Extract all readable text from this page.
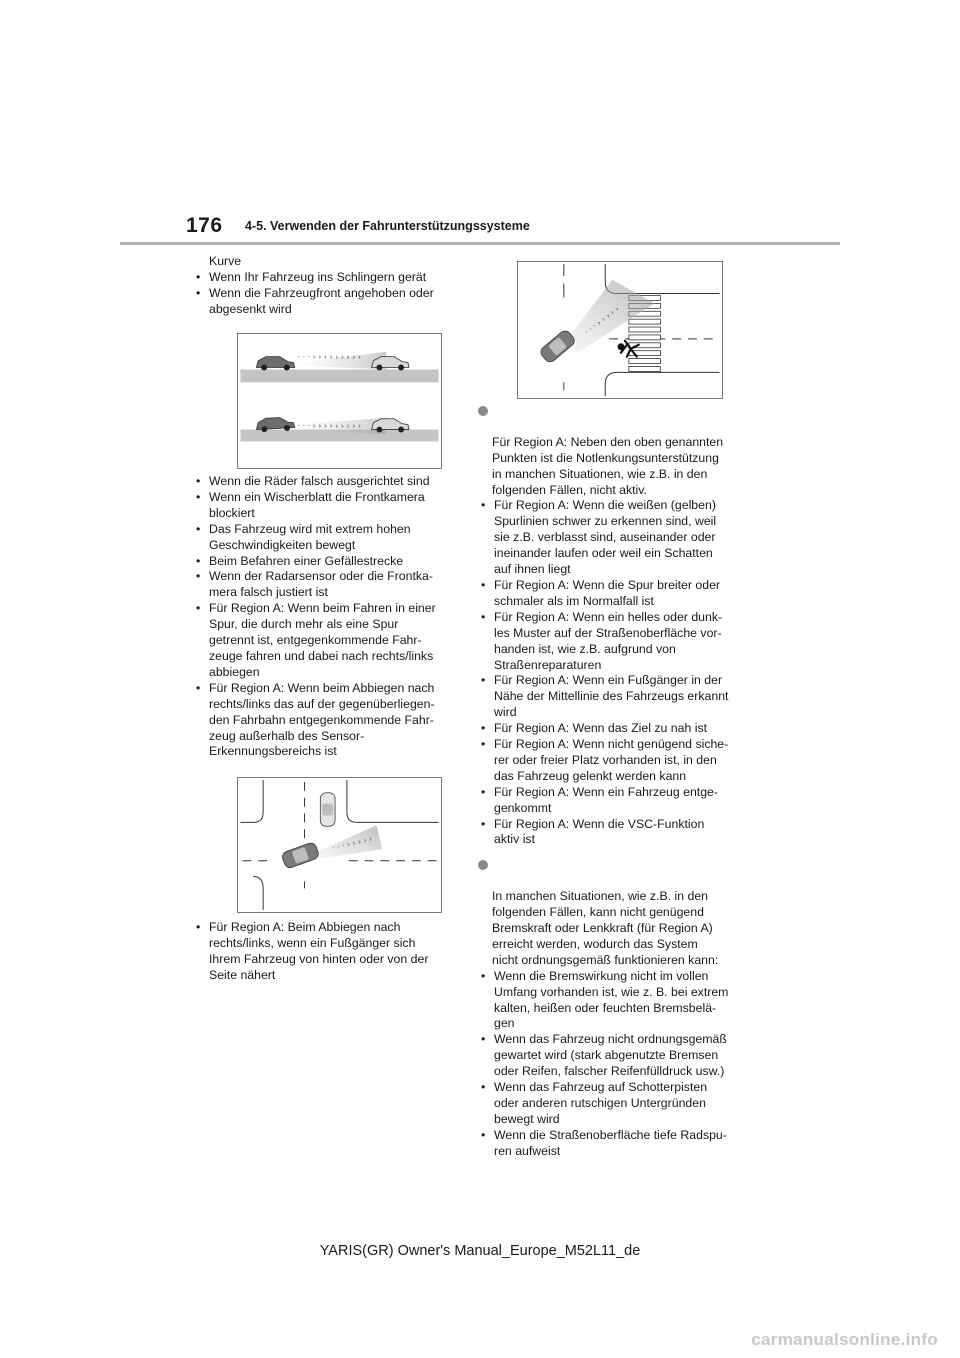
176 4-5. Verwenden der Fahrunterstützungssysteme
Kurve
• Wenn Ihr Fahrzeug ins Schlingern gerät
• Wenn die Fahrzeugfront angehoben oder
abgesenkt wird
· · · › › › › › › › › ›
· · · › › › › › › › › ›
• Wenn die Räder falsch ausgerichtet sind
• Wenn ein Wischerblatt die Frontkamera
blockiert
• Das Fahrzeug wird mit extrem hohen
Geschwindigkeiten bewegt
• Beim Befahren einer Gefällestrecke
• Wenn der Radarsensor oder die Frontka-
mera falsch justiert ist
• Für Region A: Wenn beim Fahren in einer
Spur, die durch mehr als eine Spur
getrennt ist, entgegenkommende Fahr-
zeuge fahren und dabei nach rechts/links
abbiegen
• Für Region A: Wenn beim Abbiegen nach
rechts/links das auf der gegenüberliegen-
den Fahrbahn entgegenkommende Fahr-
zeug außerhalb des Sensor-
Erkennungsbereichs ist
· · · › › › › ›
• Für Region A: Beim Abbiegen nach
rechts/links, wenn ein Fußgänger sich
Ihrem Fahrzeug von hinten oder von der
Seite nähert
· · · › › › › ›

Für Region A: Neben den oben genannten
Punkten ist die Notlenkungsunterstützung
in manchen Situationen, wie z.B. in den
folgenden Fällen, nicht aktiv.

• Für Region A: Wenn die weißen (gelben)
Spurlinien schwer zu erkennen sind, weil
sie z.B. verblasst sind, auseinander oder
ineinander laufen oder weil ein Schatten
auf ihnen liegt
• Für Region A: Wenn die Spur breiter oder
schmaler als im Normalfall ist
• Für Region A: Wenn ein helles oder dunk-
les Muster auf der Straßenoberfläche vor-
handen ist, wie z.B. aufgrund von
Straßenreparaturen
• Für Region A: Wenn ein Fußgänger in der
Nähe der Mittellinie des Fahrzeugs erkannt
wird
• Für Region A: Wenn das Ziel zu nah ist
• Für Region A: Wenn nicht genügend siche-
rer oder freier Platz vorhanden ist, in den
das Fahrzeug gelenkt werden kann
• Für Region A: Wenn ein Fahrzeug entge-
genkommt
• Für Region A: Wenn die VSC-Funktion
aktiv ist

In manchen Situationen, wie z.B. in den
folgenden Fällen, kann nicht genügend
Bremskraft oder Lenkkraft (für Region A)
erreicht werden, wodurch das System
nicht ordnungsgemäß funktionieren kann:

• Wenn die Bremswirkung nicht im vollen
Umfang vorhanden ist, wie z. B. bei extrem
kalten, heißen oder feuchten Bremsbelä-
gen
• Wenn das Fahrzeug nicht ordnungsgemäß
gewartet wird (stark abgenutzte Bremsen
oder Reifen, falscher Reifenfülldruck usw.)
• Wenn das Fahrzeug auf Schotterpisten
oder anderen rutschigen Untergründen
bewegt wird
• Wenn die Straßenoberfläche tiefe Radspu-
ren aufweist
YARIS(GR) Owner's Manual_Europe_M52L11_de
carmanualsonline.info
